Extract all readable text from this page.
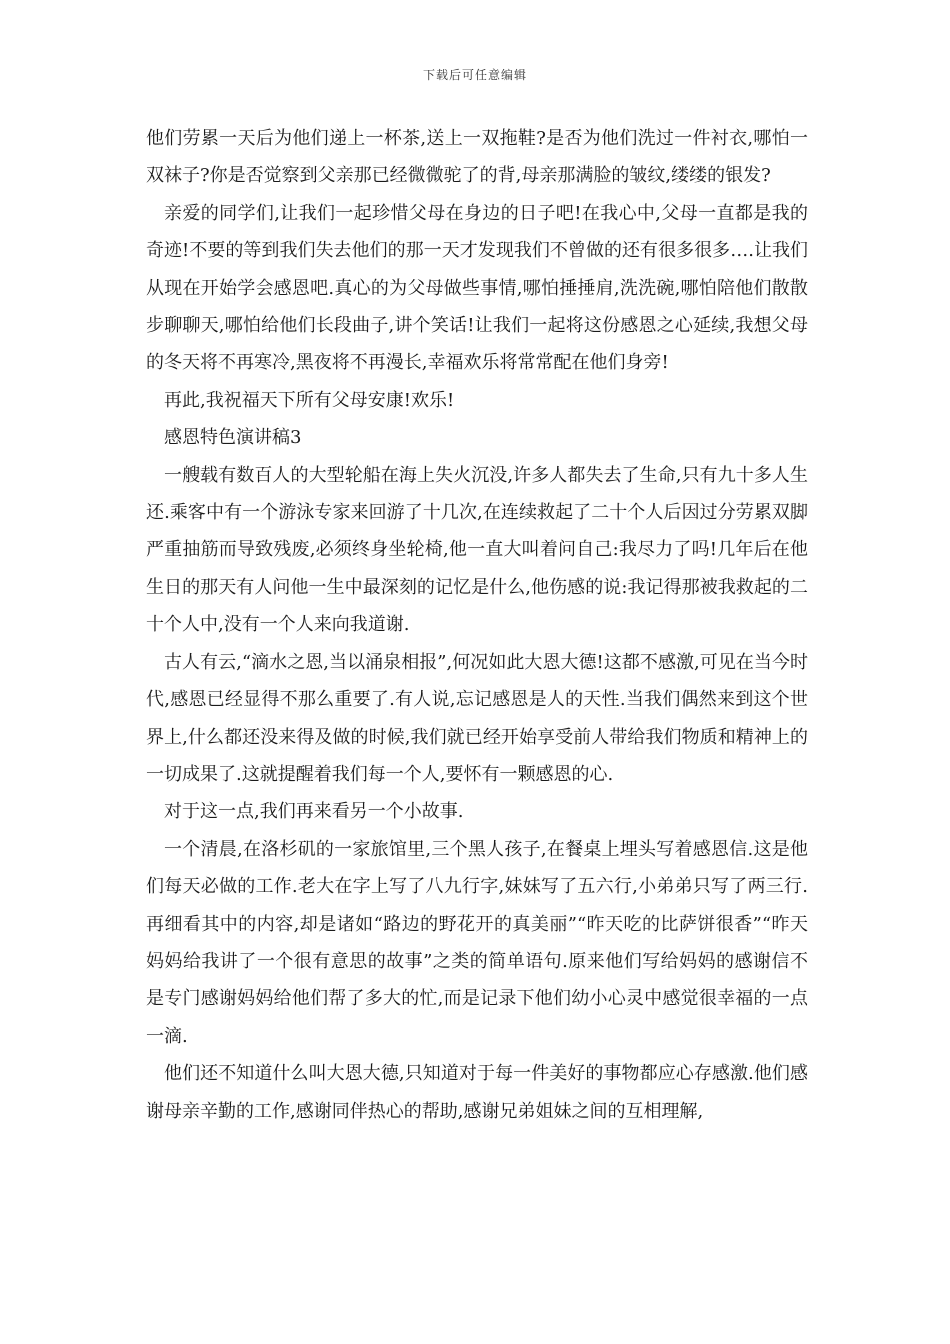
下载后可任意编辑

他们劳累一天后为他们递上一杯茶,送上一双拖鞋?是否为他们洗过一件衬衣,哪怕一双袜子?你是否觉察到父亲那已经微微驼了的背,母亲那满脸的皱纹,缕缕的银发?

亲爱的同学们,让我们一起珍惜父母在身边的日子吧!在我心中,父母一直都是我的奇迹!不要的等到我们失去他们的那一天才发现我们不曾做的还有很多很多….让我们从现在开始学会感恩吧.真心的为父母做些事情,哪怕捶捶肩,洗洗碗,哪怕陪他们散散步聊聊天,哪怕给他们长段曲子,讲个笑话!让我们一起将这份感恩之心延续,我想父母的冬天将不再寒冷,黑夜将不再漫长,幸福欢乐将常常配在他们身旁!

再此,我祝福天下所有父母安康!欢乐!

感恩特色演讲稿3

一艘载有数百人的大型轮船在海上失火沉没,许多人都失去了生命,只有九十多人生还.乘客中有一个游泳专家来回游了十几次,在连续救起了二十个人后因过分劳累双脚严重抽筋而导致残废,必须终身坐轮椅,他一直大叫着问自己:我尽力了吗!几年后在他生日的那天有人问他一生中最深刻的记忆是什么,他伤感的说:我记得那被我救起的二十个人中,没有一个人来向我道谢.

古人有云,“滴水之恩,当以涌泉相报”,何况如此大恩大德!这都不感激,可见在当今时代,感恩已经显得不那么重要了.有人说,忘记感恩是人的天性.当我们偶然来到这个世界上,什么都还没来得及做的时候,我们就已经开始享受前人带给我们物质和精神上的一切成果了.这就提醒着我们每一个人,要怀有一颗感恩的心.

对于这一点,我们再来看另一个小故事.

一个清晨,在洛杉矶的一家旅馆里,三个黑人孩子,在餐桌上埋头写着感恩信.这是他们每天必做的工作.老大在字上写了八九行字,妹妹写了五六行,小弟弟只写了两三行.再细看其中的内容,却是诸如“路边的野花开的真美丽”“昨天吃的比萨饼很香”“昨天妈妈给我讲了一个很有意思的故事”之类的简单语句.原来他们写给妈妈的感谢信不是专门感谢妈妈给他们帮了多大的忙,而是记录下他们幼小心灵中感觉很幸福的一点一滴.

他们还不知道什么叫大恩大德,只知道对于每一件美好的事物都应心存感激.他们感谢母亲辛勤的工作,感谢同伴热心的帮助,感谢兄弟姐妹之间的互相理解,
